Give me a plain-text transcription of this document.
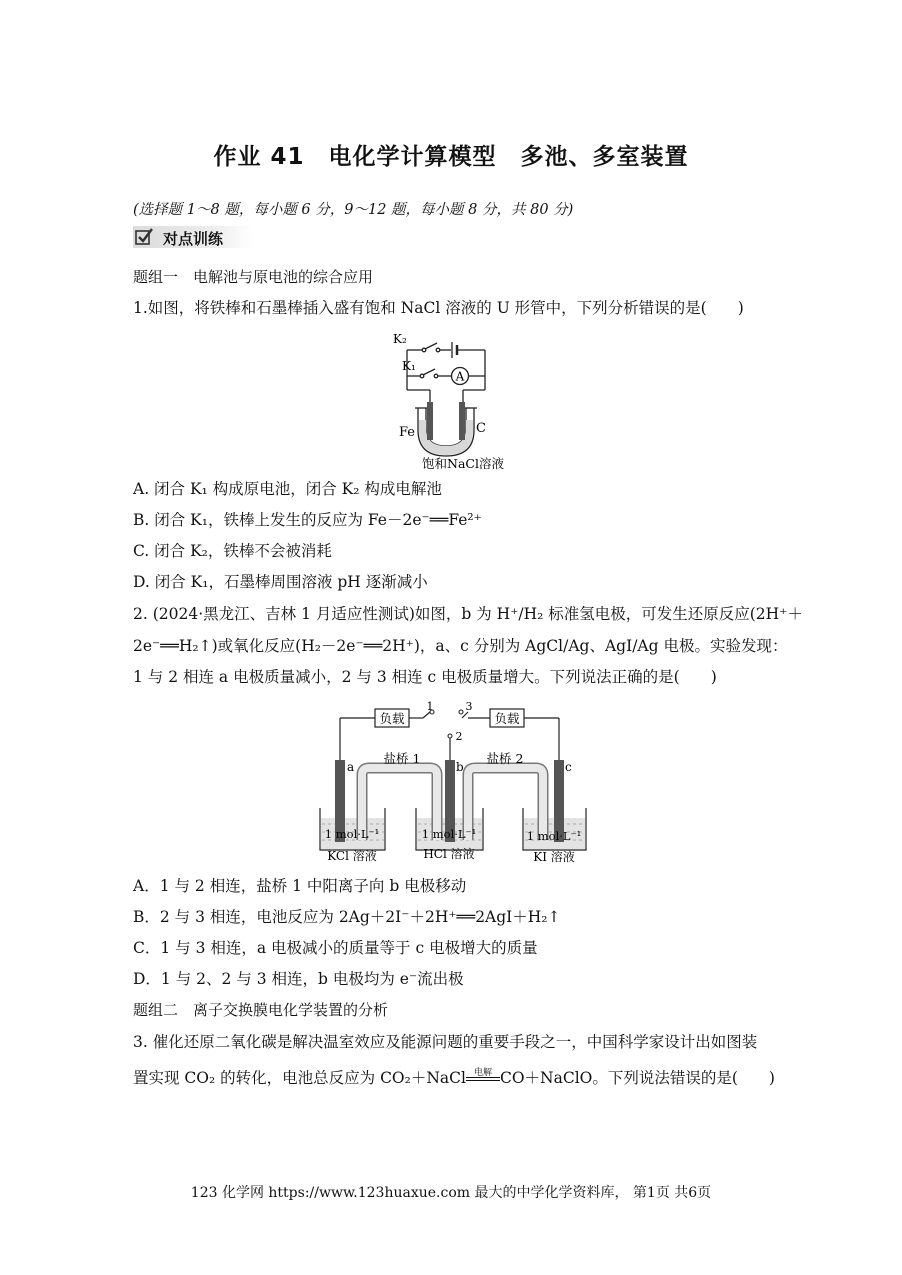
作业 41　电化学计算模型　多池、多室装置
(选择题 1～8 题，每小题 6 分，9～12 题，每小题 8 分，共 80 分)
对点训练
题组一　电解池与原电池的综合应用
1.如图，将铁棒和石墨棒插入盛有饱和 NaCl 溶液的 U 形管中，下列分析错误的是(　　)
A
K₂
K₁
Fe	C
饱和NaCl溶液
A. 闭合 K₁ 构成原电池，闭合 K₂ 构成电解池
B. 闭合 K₁，铁棒上发生的反应为 Fe－2e⁻══Fe²⁺
C. 闭合 K₂，铁棒不会被消耗
D. 闭合 K₁，石墨棒周围溶液 pH 逐渐减小
2. (2024·黑龙江、吉林 1 月适应性测试)如图，b 为 H⁺/H₂ 标准氢电极，可发生还原反应(2H⁺＋
2e⁻══H₂↑)或氧化反应(H₂－2e⁻══2H⁺)，a、c 分别为 AgCl/Ag、AgI/Ag 电极。实验发现：
1 与 2 相连 a 电极质量减小，2 与 3 相连 c 电极质量增大。下列说法正确的是(　　)
负载	负载
1	3
2
a	b	c
盐桥 1	盐桥 2
1 mol·L⁻¹	1 mol·L⁻¹	1 mol·L⁻¹
KCl 溶液	HCl 溶液	KI 溶液
A．1 与 2 相连，盐桥 1 中阳离子向 b 电极移动
B．2 与 3 相连，电池反应为 2Ag＋2I⁻＋2H⁺══2AgI＋H₂↑
C．1 与 3 相连，a 电极减小的质量等于 c 电极增大的质量
D．1 与 2、2 与 3 相连，b 电极均为 e⁻流出极
题组二　离子交换膜电化学装置的分析
3. 催化还原二氧化碳是解决温室效应及能源问题的重要手段之一，中国科学家设计出如图装
置实现 CO₂ 的转化，电池总反应为 CO₂＋NaCl 电解 CO＋NaClO。下列说法错误的是(　　)
123 化学网 https://www.123huaxue.com 最大的中学化学资料库， 第1页 共6页
